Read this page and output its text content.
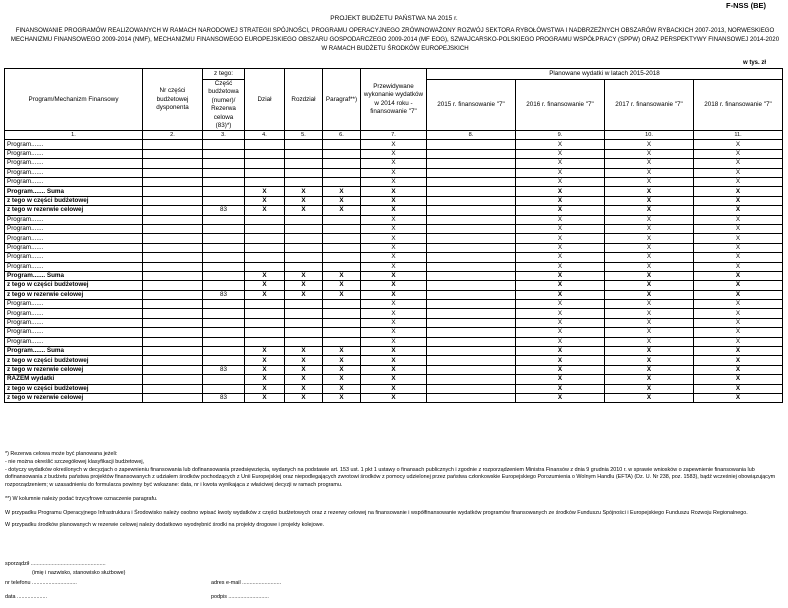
F-NSS (BE)
PROJEKT BUDŻETU PAŃSTWA NA 2015 r.
FINANSOWANIE PROGRAMÓW REALIZOWANYCH W RAMACH NARODOWEJ STRATEGII SPÓJNOŚCI, PROGRAMU OPERACYJNEGO ZRÓWNOWAŻONY ROZWÓJ SEKTORA RYBOŁÓWSTWA I NADBRZEŻNYCH OBSZARÓW RYBACKICH 2007-2013, NORWESKIEGO MECHANIZMU FINANSOWEGO 2009-2014 (NMF), MECHANIZMU FINANSOWEGO EUROPEJSKIEGO OBSZARU GOSPODARCZEGO 2009-2014 (MF EOG), SZWAJCARSKO-POLSKIEGO PROGRAMU WSPÓŁPRACY (SPPW) ORAZ PERSPEKTYWY FINANSOWEJ 2014-2020 W RAMACH BUDŻETU ŚRODKÓW EUROPEJSKICH
w tys. zł
Program/Mechanizm Finansowy	Nr części budżetowej dysponenta	z tego:	Dział	Rozdział	Paragraf**)	Przewidywane wykonanie wydatków w 2014 roku - finansowanie "7"	Planowane wydatki w latach 2015-2018			
		Część budżetowa (numer)/ Rezerwa celowa (83)*)					2015 r. finansowanie "7"	2016 r. finansowanie "7"	2017 r. finansowanie "7"	2018 r. finansowanie "7"

1.	2.	3.	4.	5.	6.	7.	8.	9.	10.	11.
Program.......						X		X	X	X
Program.......						X		X	X	X
Program.......						X		X	X	X
Program.......						X		X	X	X
Program.......						X		X	X	X
Program....... Suma			X	X	X	X		X	X	X
z tego w części budżetowej			X	X	X	X		X	X	X
z tego w rezerwie celowej		83	X	X	X	X		X	X	X
Program.......						X		X	X	X
Program.......						X		X	X	X
Program.......						X		X	X	X
Program.......						X		X	X	X
Program.......						X		X	X	X
Program.......						X		X	X	X
Program....... Suma			X	X	X	X		X	X	X
z tego w części budżetowej			X	X	X	X		X	X	X
z tego w rezerwie celowej		83	X	X	X	X		X	X	X
Program.......						X		X	X	X
Program.......						X		X	X	X
Program.......						X		X	X	X
Program.......						X		X	X	X
Program.......						X		X	X	X
Program....... Suma			X	X	X	X		X	X	X
z tego w części budżetowej			X	X	X	X		X	X	X
z tego w rezerwie celowej		83	X	X	X	X		X	X	X
RAZEM wydatki			X	X	X	X		X	X	X
z tego w części budżetowej			X	X	X	X		X	X	X
z tego w rezerwie celowej		83	X	X	X	X		X	X	X

*) Rezerwa celowa może być planowana jeżeli:

- nie można określić szczegółowej klasyfikacji budżetowej,

- dotyczy wydatków określonych w decyzjach o zapewnieniu finansowania lub dofinansowania przedsięwzięcia, wydanych na podstawie art. 153 ust. 1 pkt 1 ustawy o finansach publicznych i zgodnie z rozporządzeniem Ministra Finansów z dnia 9 grudnia 2010 r. w sprawie wniosków o zapewnienie finansowania lub dofinansowania z budżetu państwa projektów finansowanych z udziałem środków pochodzących z Unii Europejskiej oraz niepodlegających zwrotowi środków z pomocy udzielonej przez państwa członkowskie Europejskiego Porozumienia o Wolnym Handlu (EFTA) (Dz. U. Nr 238, poz. 1583), bądź wcześniej obowiązującym rozporządzeniem; w uzasadnieniu do formularza powinny być wskazane: data, nr i kwota wynikająca z właściwej decyzji w ramach programu.

**) W kolumnie należy podać trzycyfrowe oznaczenie paragrafu.

W przypadku Programu Operacyjnego Infrastruktura i Środowisko należy osobno wpisać kwoty wydatków z części budżetowych oraz z rezerwy celowej na finansowanie i współfinansowanie wydatków programów finansowanych ze środków Funduszu Spójności i Europejskiego Funduszu Rozwoju Regionalnego.

W przypadku środków planowanych w rezerwie celowej należy dodatkowo wyodrębnić środki na projekty drogowe i projekty kolejowe.

sporządził ..................................................
(imię i nazwisko, stanowisko służbowe)
nr telefonu ..............................	adres e-mail ..........................
data ....................	podpis ...........................
